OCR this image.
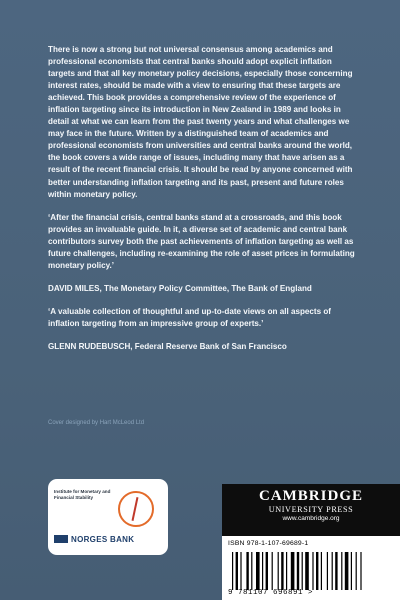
There is now a strong but not universal consensus among academics and professional economists that central banks should adopt explicit inflation targets and that all key monetary policy decisions, especially those concerning interest rates, should be made with a view to ensuring that these targets are achieved. This book provides a comprehensive review of the experience of inflation targeting since its introduction in New Zealand in 1989 and looks in detail at what we can learn from the past twenty years and what challenges we may face in the future. Written by a distinguished team of academics and professional economists from universities and central banks around the world, the book covers a wide range of issues, including many that have arisen as a result of the recent financial crisis. It should be read by anyone concerned with better understanding inflation targeting and its past, present and future roles within monetary policy.

‘After the financial crisis, central banks stand at a crossroads, and this book provides an invaluable guide. In it, a diverse set of academic and central bank contributors survey both the past achievements of inflation targeting as well as future challenges, including re-examining the role of asset prices in formulating monetary policy.’

DAVID MILES, The Monetary Policy Committee, The Bank of England

‘A valuable collection of thoughtful and up-to-date views on all aspects of inflation targeting from an impressive group of experts.’

GLENN RUDEBUSCH, Federal Reserve Bank of San Francisco

Cover designed by Hart McLeod Ltd
Institute for Monetary and Financial Stability
NORGES BANK
CAMBRIDGE
UNIVERSITY PRESS
www.cambridge.org
ISBN 978-1-107-69689-1
9 781107 696891 >
